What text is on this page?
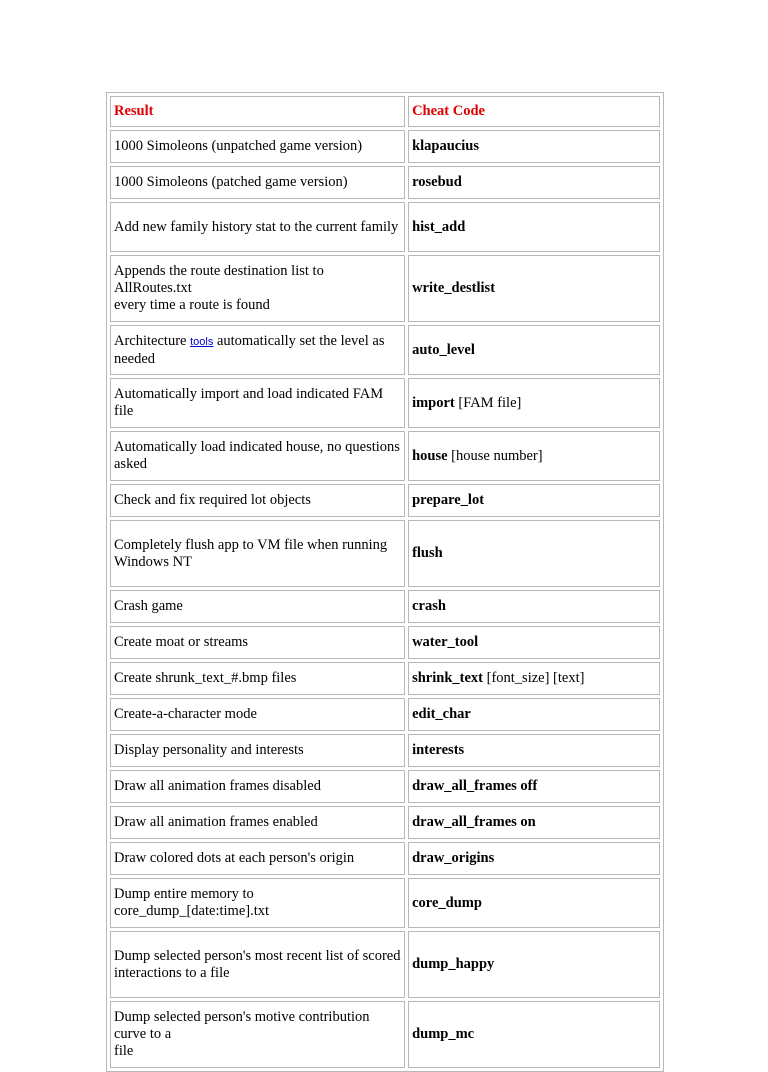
Result	Cheat Code

1000 Simoleons (unpatched game version)	klapaucius

1000 Simoleons (patched game version)	rosebud

Add new family history stat to the current family	hist_add

Appends the route destination list to AllRoutes.txt
every time a route is found	write_destlist
Architecture tools automatically set the level as needed	auto_level

Automatically import and load indicated FAM file	import [FAM file]

Automatically load indicated house, no questions asked	house [house number]

Check and fix required lot objects	prepare_lot

Completely flush app to VM file when running
Windows NT	flush

Crash game	crash

Create moat or streams	water_tool

Create shrunk_text_#.bmp files	shrink_text [font_size] [text]

Create-a-character mode	edit_char

Display personality and interests	interests

Draw all animation frames disabled	draw_all_frames off

Draw all animation frames enabled	draw_all_frames on

Draw colored dots at each person's origin	draw_origins

Dump entire memory to core_dump_[date:time].txt	core_dump

Dump selected person's most recent list of scored
interactions to a file	dump_happy

Dump selected person's motive contribution curve to a
file	dump_mc
